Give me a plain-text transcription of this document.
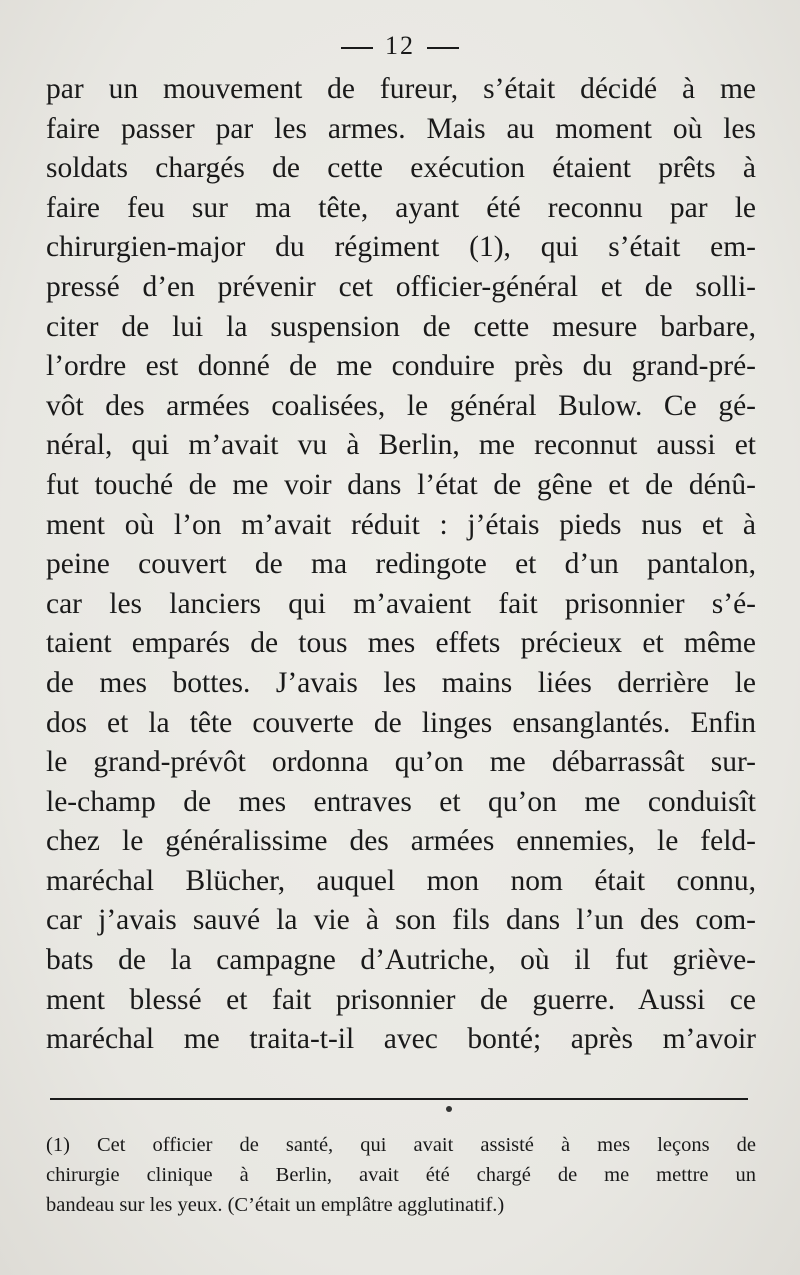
12
par un mouvement de fureur, s’était décidé à me
faire passer par les armes. Mais au moment où les
soldats chargés de cette exécution étaient prêts à
faire feu sur ma tête, ayant été reconnu par le
chirurgien-major du régiment (1), qui s’était em-
pressé d’en prévenir cet officier-général et de solli-
citer de lui la suspension de cette mesure barbare,
l’ordre est donné de me conduire près du grand-pré-
vôt des armées coalisées, le général Bulow. Ce gé-
néral, qui m’avait vu à Berlin, me reconnut aussi et
fut touché de me voir dans l’état de gêne et de dénû-
ment où l’on m’avait réduit : j’étais pieds nus et à
peine couvert de ma redingote et d’un pantalon,
car les lanciers qui m’avaient fait prisonnier s’é-
taient emparés de tous mes effets précieux et même
de mes bottes. J’avais les mains liées derrière le
dos et la tête couverte de linges ensanglantés. Enfin
le grand-prévôt ordonna qu’on me débarrassât sur-
le-champ de mes entraves et qu’on me conduisît
chez le généralissime des armées ennemies, le feld-
maréchal Blücher, auquel mon nom était connu,
car j’avais sauvé la vie à son fils dans l’un des com-
bats de la campagne d’Autriche, où il fut griève-
ment blessé et fait prisonnier de guerre. Aussi ce
maréchal me traita-t-il avec bonté; après m’avoir
(1) Cet officier de santé, qui avait assisté à mes leçons de
chirurgie clinique à Berlin, avait été chargé de me mettre un
bandeau sur les yeux. (C’était un emplâtre agglutinatif.)
